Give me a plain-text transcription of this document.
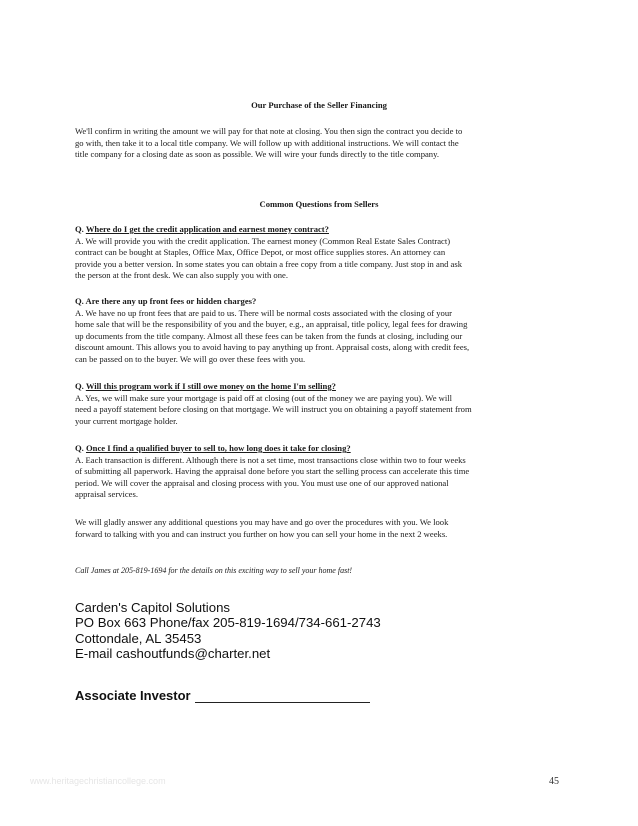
Our Purchase of the Seller Financing

We'll confirm in writing the amount we will pay for that note at closing. You then sign the contract you decide to

go with, then take it to a local title company. We will follow up with additional instructions. We will contact the

title company for a closing date as soon as possible. We will wire your funds directly to the title company.

Common Questions from Sellers

Q. Where do I get the credit application and earnest money contract?

A. We will provide you with the credit application. The earnest money (Common Real Estate Sales Contract)

contract can be bought at Staples, Office Max, Office Depot, or most office supplies stores. An attorney can

provide you a better version. In some states you can obtain a free copy from a title company. Just stop in and ask

the person at the front desk. We can also supply you with one.

Q. Are there any up front fees or hidden charges?

A. We have no up front fees that are paid to us. There will be normal costs associated with the closing of your

home sale that will be the responsibility of you and the buyer, e.g., an appraisal, title policy, legal fees for drawing

up documents from the title company. Almost all these fees can be taken from the funds at closing, including our

discount amount. This allows you to avoid having to pay anything up front. Appraisal costs, along with credit fees,

can be passed on to the buyer. We will go over these fees with you.

Q. Will this program work if I still owe money on the home I'm selling?

A. Yes, we will make sure your mortgage is paid off at closing (out of the money we are paying you). We will

need a payoff statement before closing on that mortgage. We will instruct you on obtaining a payoff statement from

your current mortgage holder.

Q. Once I find a qualified buyer to sell to, how long does it take for closing?

A. Each transaction is different. Although there is not a set time, most transactions close within two to four weeks

of submitting all paperwork. Having the appraisal done before you start the selling process can accelerate this time

period. We will cover the appraisal and closing process with you. You must use one of our approved national

appraisal services.

We will gladly answer any additional questions you may have and go over the procedures with you. We look

forward to talking with you and can instruct you further on how you can sell your home in the next 2 weeks.

Call James at 205-819-1694 for the details on this exciting way to sell your home fast!

Carden's Capitol Solutions
PO Box 663 Phone/fax 205-819-1694/734-661-2743
Cottondale, AL 35453
E-mail cashoutfunds@charter.net
Associate Investor
www.heritagechristiancollege.com	45
